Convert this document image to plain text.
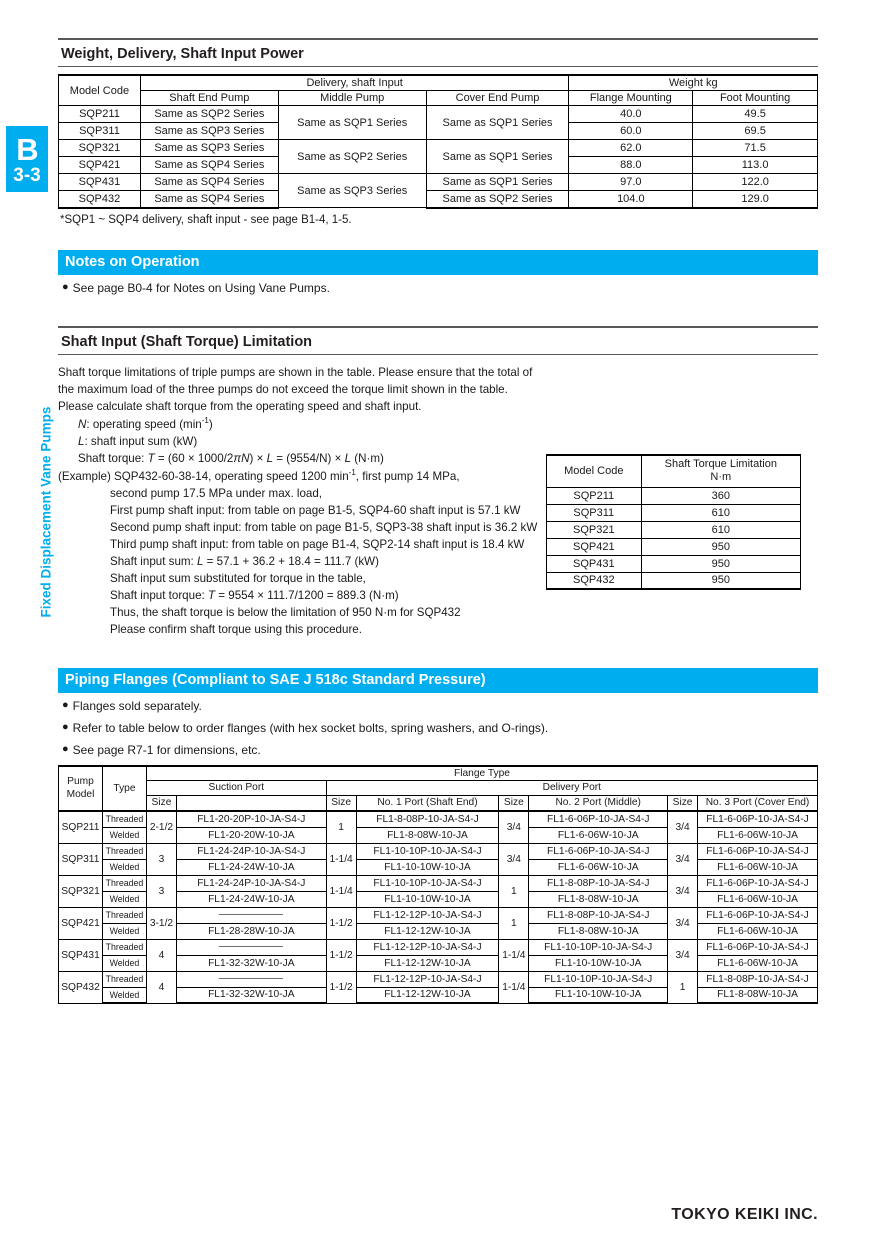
B
3-3
Fixed Displacement Vane Pumps
Weight, Delivery, Shaft Input Power
Model Code	Delivery, shaft Input			Weight kg	
	Shaft End Pump	Middle Pump	Cover End Pump	Flange Mounting	Foot Mounting
SQP211	Same as SQP2 Series	Same as SQP1 Series	Same as SQP1 Series	40.0	49.5
SQP311	Same as SQP3 Series			60.0	69.5
SQP321	Same as SQP3 Series	Same as SQP2 Series	Same as SQP1 Series	62.0	71.5
SQP421	Same as SQP4 Series			88.0	113.0
SQP431	Same as SQP4 Series	Same as SQP3 Series	Same as SQP1 Series	97.0	122.0
SQP432	Same as SQP4 Series		Same as SQP2 Series	104.0	129.0
*SQP1 ~ SQP4 delivery, shaft input - see page B1-4, 1-5.
Notes on Operation
● See page B0-4 for Notes on Using Vane Pumps.
Shaft Input (Shaft Torque) Limitation
Shaft torque limitations of triple pumps are shown in the table. Please ensure that the total of the maximum load of the three pumps do not exceed the torque limit shown in the table. Please calculate shaft torque from the operating speed and shaft input.
N: operating speed $(\min^{-1})$
L: shaft input sum (kW)
Shaft torque: T = (60 × 1000/2πN) × L = (9554/N) × L (N·m)
(Example) SQP432-60-38-14, operating speed 1200 $\min^{-1}$, first pump 14 MPa,
second pump 17.5 MPa under max. load,
First pump shaft input: from table on page B1-5, SQP4-60 shaft input is 57.1 kW
Second pump shaft input: from table on page B1-5, SQP3-38 shaft input is 36.2 kW
Third pump shaft input: from table on page B1-4, SQP2-14 shaft input is 18.4 kW
Shaft input sum: L = 57.1 + 36.2 + 18.4 = 111.7 (kW)
Shaft input sum substituted for torque in the table,
Shaft input torque: T = 9554 × 111.7/1200 = 889.3 (N·m)
Thus, the shaft torque is below the limitation of 950 N·m for SQP432
Please confirm shaft torque using this procedure.
Model Code	Shaft Torque Limitation
N·m
SQP211	360
SQP311	610
SQP321	610
SQP421	950
SQP431	950
SQP432	950
Piping Flanges (Compliant to SAE J 518c Standard Pressure)
● Flanges sold separately.
● Refer to table below to order flanges (with hex socket bolts, spring washers, and O-rings).
● See page R7-1 for dimensions, etc.
Pump
Model	Type	Flange Type							
		Suction Port		Delivery Port					
		Size		Size	No. 1 Port (Shaft End)	Size	No. 2 Port (Middle)	Size	No. 3 Port (Cover End)
SQP211	Threaded	2-1/2	FL1-20-20P-10-JA-S4-J	1	FL1-8-08P-10-JA-S4-J	3/4	FL1-6-06P-10-JA-S4-J	3/4	FL1-6-06P-10-JA-S4-J
	Welded		FL1-20-20W-10-JA		FL1-8-08W-10-JA		FL1-6-06W-10-JA		FL1-6-06W-10-JA
SQP311	Threaded	3	FL1-24-24P-10-JA-S4-J	1-1/4	FL1-10-10P-10-JA-S4-J	3/4	FL1-6-06P-10-JA-S4-J	3/4	FL1-6-06P-10-JA-S4-J
	Welded		FL1-24-24W-10-JA		FL1-10-10W-10-JA		FL1-6-06W-10-JA		FL1-6-06W-10-JA
SQP321	Threaded	3	FL1-24-24P-10-JA-S4-J	1-1/4	FL1-10-10P-10-JA-S4-J	1	FL1-8-08P-10-JA-S4-J	3/4	FL1-6-06P-10-JA-S4-J
	Welded		FL1-24-24W-10-JA		FL1-10-10W-10-JA		FL1-8-08W-10-JA		FL1-6-06W-10-JA
SQP421	Threaded	3-1/2		1-1/2	FL1-12-12P-10-JA-S4-J	1	FL1-8-08P-10-JA-S4-J	3/4	FL1-6-06P-10-JA-S4-J
	Welded		FL1-28-28W-10-JA		FL1-12-12W-10-JA		FL1-8-08W-10-JA		FL1-6-06W-10-JA
SQP431	Threaded	4		1-1/2	FL1-12-12P-10-JA-S4-J	1-1/4	FL1-10-10P-10-JA-S4-J	3/4	FL1-6-06P-10-JA-S4-J
	Welded		FL1-32-32W-10-JA		FL1-12-12W-10-JA		FL1-10-10W-10-JA		FL1-6-06W-10-JA
SQP432	Threaded	4		1-1/2	FL1-12-12P-10-JA-S4-J	1-1/4	FL1-10-10P-10-JA-S4-J	1	FL1-8-08P-10-JA-S4-J
	Welded		FL1-32-32W-10-JA		FL1-12-12W-10-JA		FL1-10-10W-10-JA		FL1-8-08W-10-JA
TOKYO KEIKI INC.
